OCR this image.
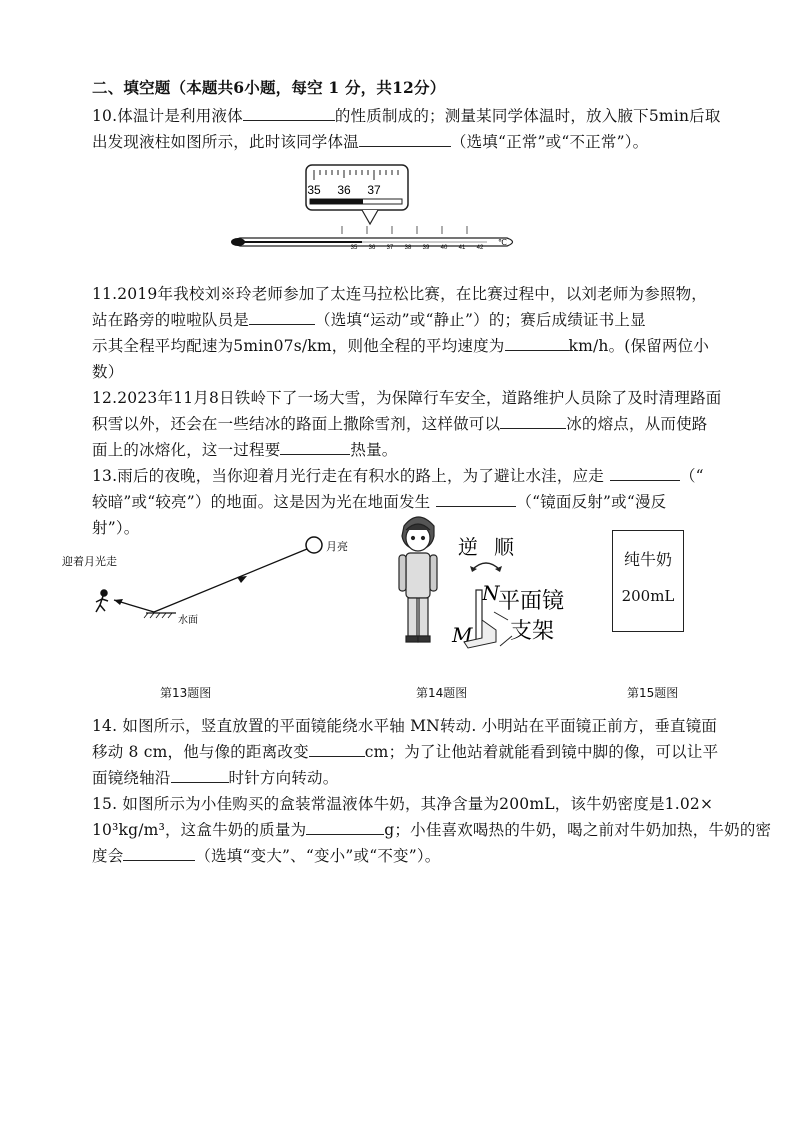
二、填空题（本题共6小题，每空 1 分，共12分）
10.体温计是利用液体	的性质制成的；测量某同学体温时，放入腋下5min后取
出发现液柱如图所示，此时该同学体温	（选填“正常”或“不正常”）。
35 36 37
35 36 37 38 39 40 41 42
℃
11.2019年我校刘※玲老师参加了太连马拉松比赛，在比赛过程中，以刘老师为参照物，
站在路旁的啦啦队员是	（选填“运动”或“静止”）的；赛后成绩证书上显
示其全程平均配速为5min07s/km，则他全程的平均速度为	km/h。(保留两位小
数）
12.2023年11月8日铁岭下了一场大雪，为保障行车安全，道路维护人员除了及时清理路面
积雪以外，还会在一些结冰的路面上撒除雪剂，这样做可以	冰的熔点，从而使路
面上的冰熔化，这一过程要	热量。
13.雨后的夜晚，当你迎着月光行走在有积水的路上，为了避让水洼，应走	（“
较暗”或“较亮”）的地面。这是因为光在地面发生	（“镜面反射”或“漫反
射”）。
月亮
水面
迎着月光走
逆 顺
N
平面镜
M 支架
纯牛奶
200mL
第13题图	第14题图	第15题图
14. 如图所示，竖直放置的平面镜能绕水平轴 MN转动. 小明站在平面镜正前方，垂直镜面
移动 8 cm，他与像的距离改变	cm；为了让他站着就能看到镜中脚的像，可以让平
面镜绕轴沿	时针方向转动。
15. 如图所示为小佳购买的盒装常温液体牛奶，其净含量为200mL，该牛奶密度是1.02×
10³kg/m³，这盒牛奶的质量为	g；小佳喜欢喝热的牛奶，喝之前对牛奶加热，牛奶的密
度会	（选填“变大”、“变小”或“不变”）。
